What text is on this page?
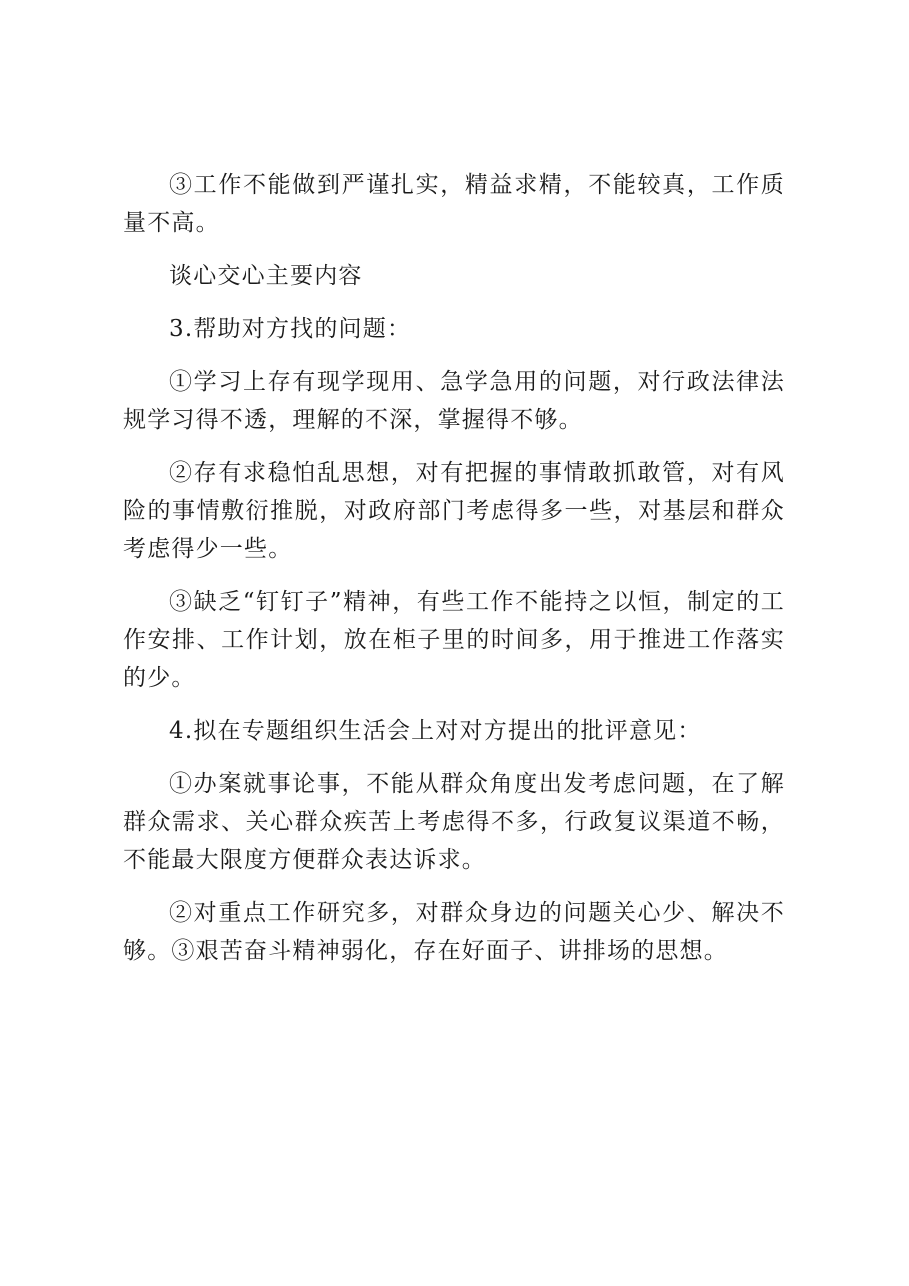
③工作不能做到严谨扎实，精益求精，不能较真，工作质量不高。

谈心交心主要内容

3.帮助对方找的问题：

①学习上存有现学现用、急学急用的问题，对行政法律法规学习得不透，理解的不深，掌握得不够。

②存有求稳怕乱思想，对有把握的事情敢抓敢管，对有风险的事情敷衍推脱，对政府部门考虑得多一些，对基层和群众考虑得少一些。

③缺乏“钉钉子”精神，有些工作不能持之以恒，制定的工作安排、工作计划，放在柜子里的时间多，用于推进工作落实的少。

4.拟在专题组织生活会上对对方提出的批评意见：

①办案就事论事，不能从群众角度出发考虑问题，在了解群众需求、关心群众疾苦上考虑得不多，行政复议渠道不畅，不能最大限度方便群众表达诉求。

②对重点工作研究多，对群众身边的问题关心少、解决不够。③艰苦奋斗精神弱化，存在好面子、讲排场的思想。
